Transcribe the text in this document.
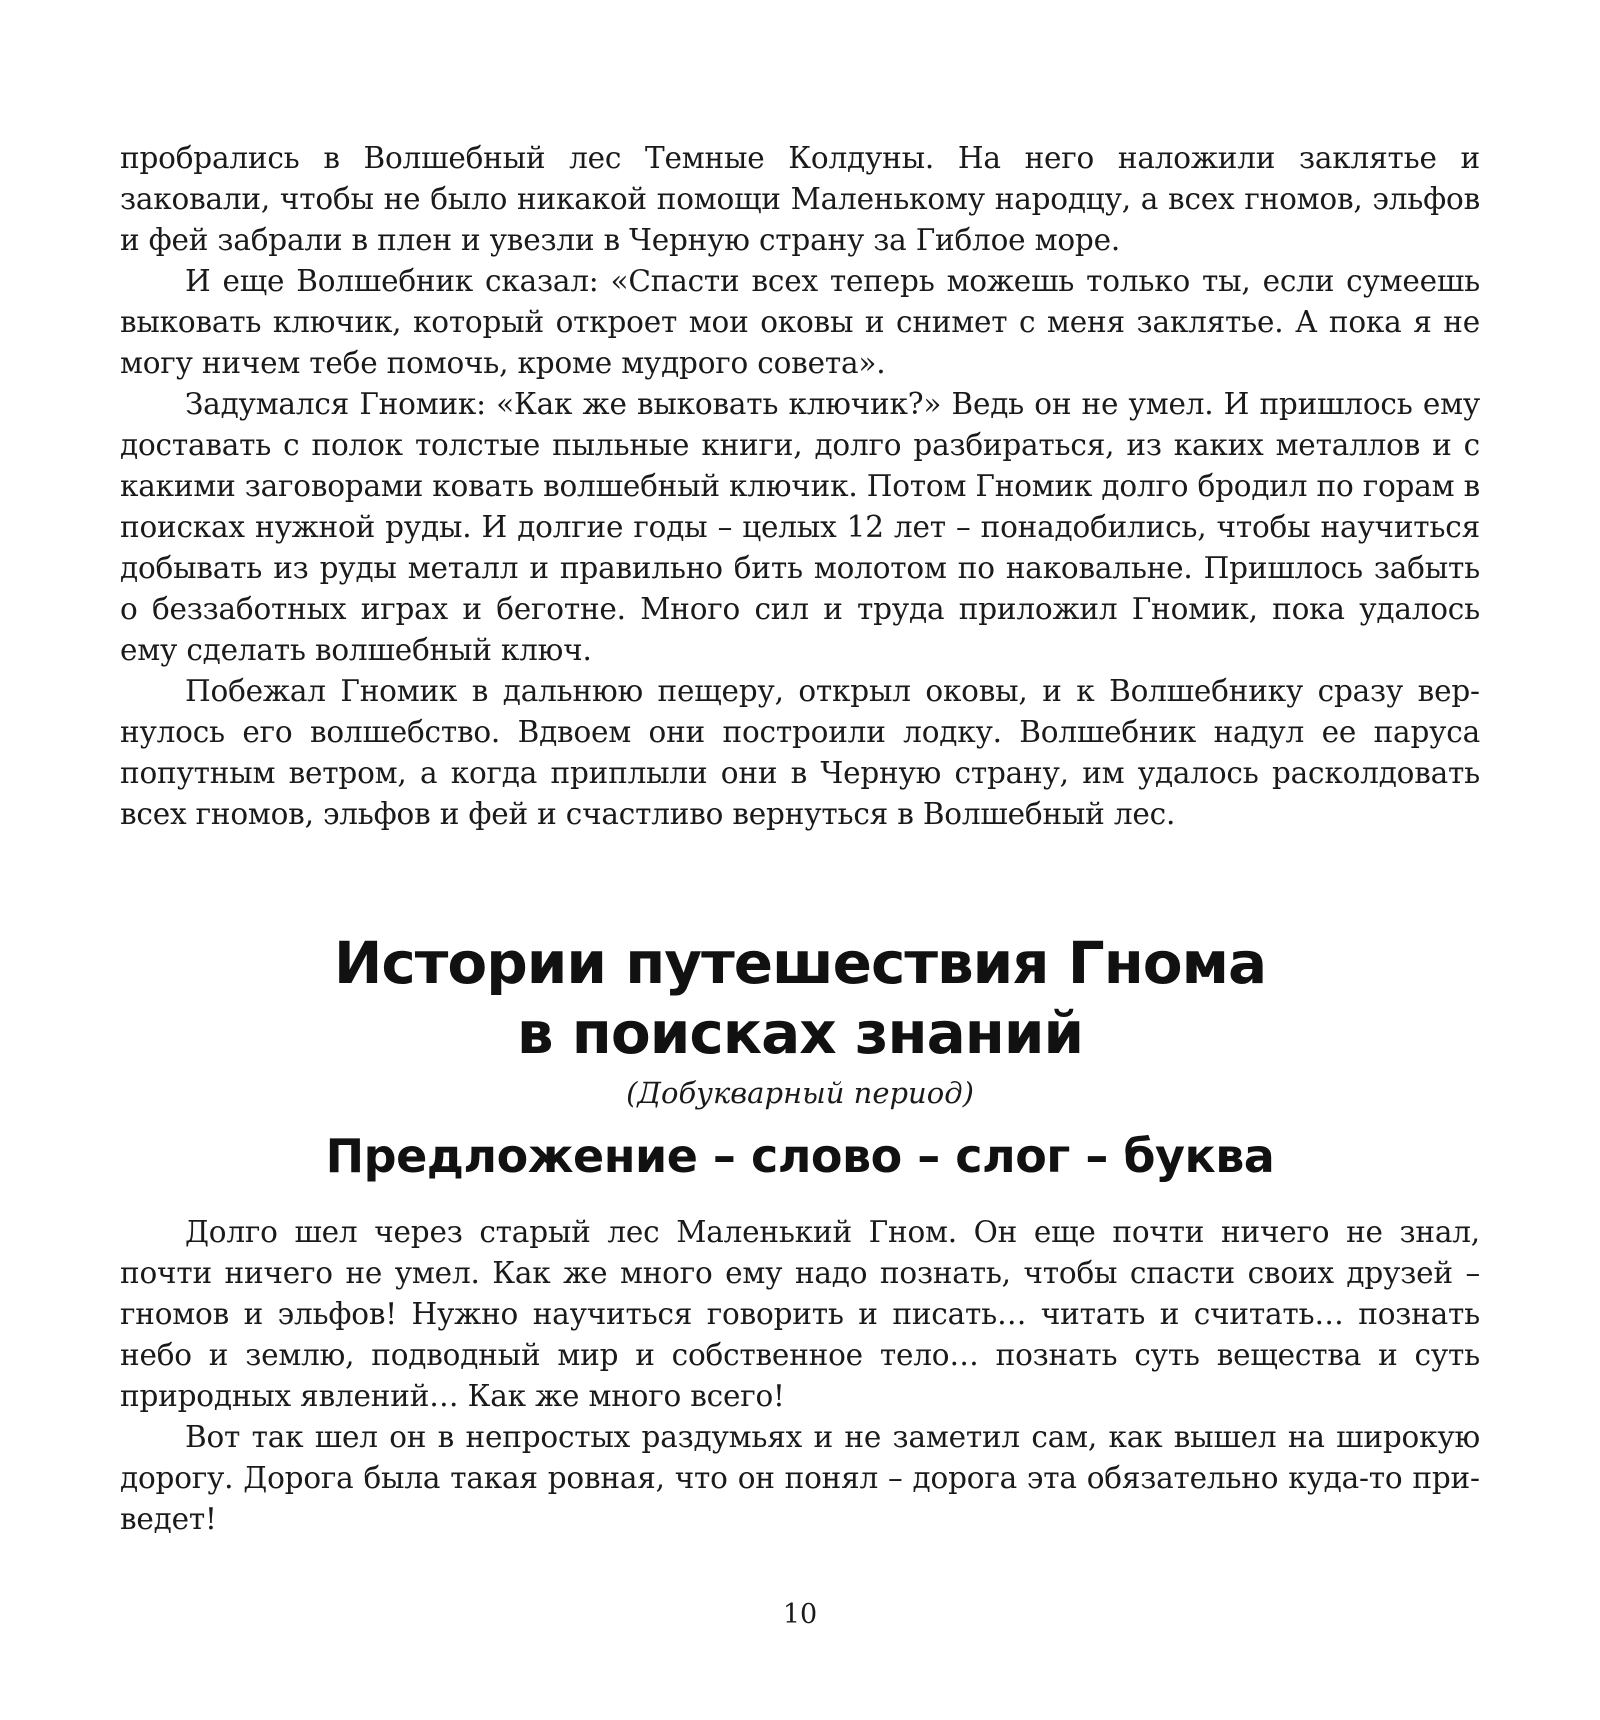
пробрались в Волшебный лес Темные Колдуны. На него наложили заклятье и заковали, чтобы не было никакой помощи Маленькому народцу, а всех гномов, эльфов и фей забрали в плен и увезли в Черную страну за Гиблое море.

И еще Волшебник сказал: «Спасти всех теперь можешь только ты, если сумеешь выковать ключик, который откроет мои оковы и снимет с меня заклятье. А пока я не могу ничем тебе помочь, кроме мудрого совета».

Задумался Гномик: «Как же выковать ключик?» Ведь он не умел. И пришлось ему доставать с полок толстые пыльные книги, долго разбираться, из каких металлов и с какими заговорами ковать волшебный ключик. Потом Гномик долго бродил по горам в поисках нужной руды. И долгие годы – целых 12 лет – понадобились, чтобы научиться добывать из руды металл и правильно бить молотом по наковальне. Пришлось забыть о беззаботных играх и беготне. Много сил и труда приложил Гномик, пока удалось ему сделать волшебный ключ.

Побежал Гномик в дальнюю пещеру, открыл оковы, и к Волшебнику сразу вернулось его волшебство. Вдвоем они построили лодку. Волшебник надул ее паруса попутным ветром, а когда приплыли они в Черную страну, им удалось расколдовать всех гномов, эльфов и фей и счастливо вернуться в Волшебный лес.

Истории путешествия Гнома
в поисках знаний
(Добукварный период)
Предложение – слово – слог – буква

Долго шел через старый лес Маленький Гном. Он еще почти ничего не знал, почти ничего не умел. Как же много ему надо познать, чтобы спасти своих друзей – гномов и эльфов! Нужно научиться говорить и писать… читать и считать… познать небо и землю, подводный мир и собственное тело… познать суть вещества и суть природных явлений… Как же много всего!

Вот так шел он в непростых раздумьях и не заметил сам, как вышел на широкую дорогу. Дорога была такая ровная, что он понял – дорога эта обязательно куда-то приведет!

10
